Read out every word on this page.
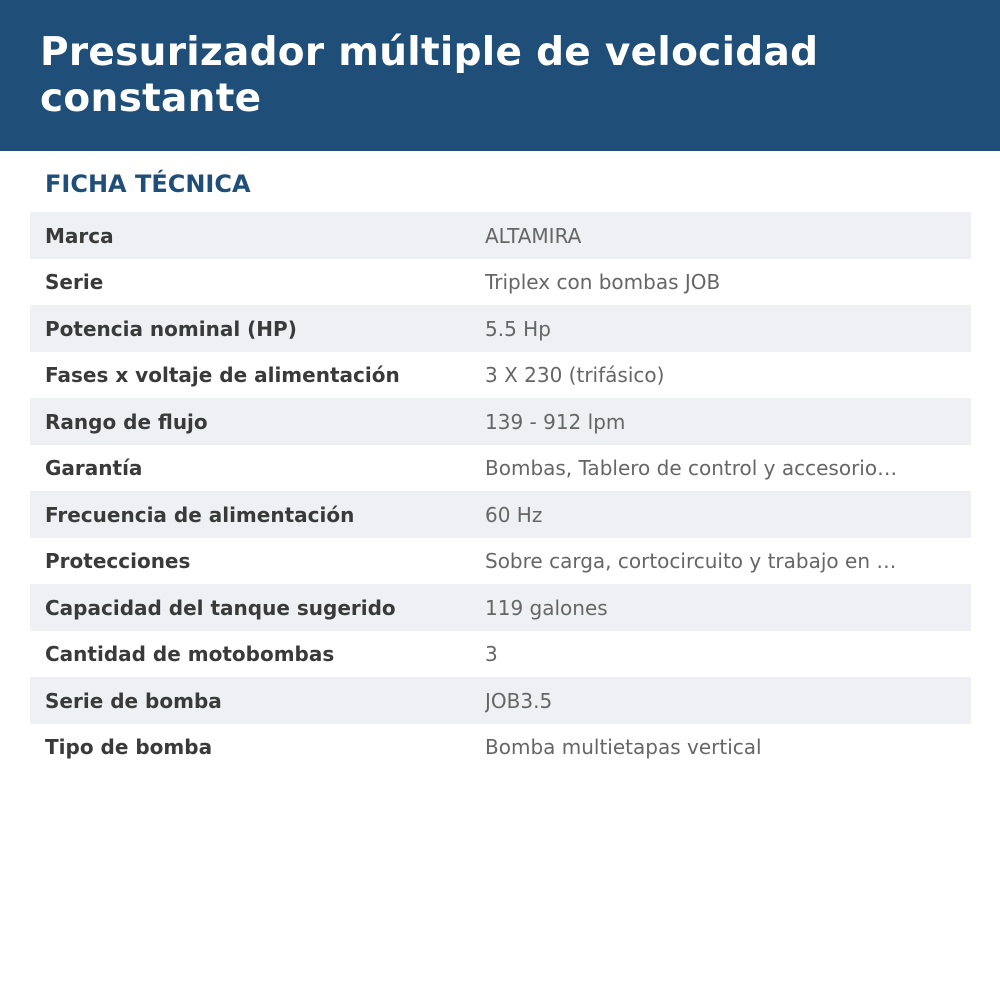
Presurizador múltiple de velocidad constante
FICHA TÉCNICA
Marca	ALTAMIRA
Serie	Triplex con bombas JOB
Potencia nominal (HP)	5.5 Hp
Fases x voltaje de alimentación	3 X 230 (trifásico)
Rango de flujo	139 - 912 lpm
Garantía	Bombas, Tablero de control y accesorio…
Frecuencia de alimentación	60 Hz
Protecciones	Sobre carga, cortocircuito y trabajo en …
Capacidad del tanque sugerido	119 galones
Cantidad de motobombas	3
Serie de bomba	JOB3.5
Tipo de bomba	Bomba multietapas vertical
